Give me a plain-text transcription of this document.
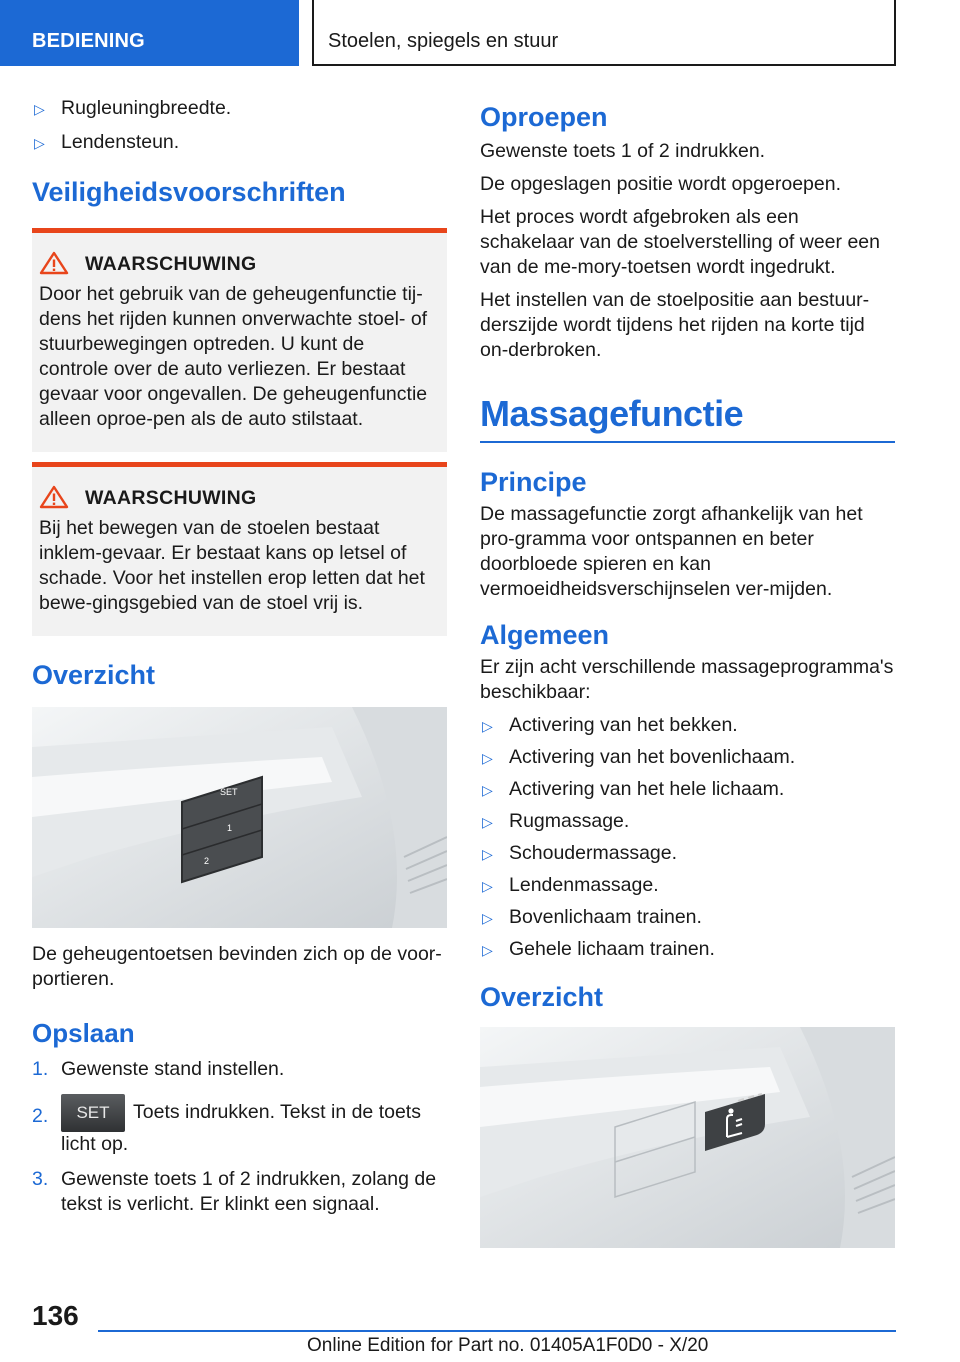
BEDIENING	Stoelen, spiegels en stuur
▷ Rugleuningbreedte.
▷ Lendensteun.
Veiligheidsvoorschriften
WAARSCHUWING
Door het gebruik van de geheugenfunctie tij-dens het rijden kunnen onverwachte stoel- of stuurbewegingen optreden. U kunt de controle over de auto verliezen. Er bestaat gevaar voor ongevallen. De geheugenfunctie alleen oproe-pen als de auto stilstaat.
WAARSCHUWING
Bij het bewegen van de stoelen bestaat inklem-gevaar. Er bestaat kans op letsel of schade. Voor het instellen erop letten dat het bewe-gingsgebied van de stoel vrij is.
Overzicht
SET
1
2
De geheugentoetsen bevinden zich op de voor-portieren.
Opslaan
1. Gewenste stand instellen.
2. SET Toets indrukken. Tekst in de toets licht op.
3. Gewenste toets 1 of 2 indrukken, zolang de tekst is verlicht. Er klinkt een signaal.
Oproepen
Gewenste toets 1 of 2 indrukken.
De opgeslagen positie wordt opgeroepen.
Het proces wordt afgebroken als een schakelaar van de stoelverstelling of weer een van de me-mory-toetsen wordt ingedrukt.
Het instellen van de stoelpositie aan bestuur-derszijde wordt tijdens het rijden na korte tijd on-derbroken.
Massagefunctie
Principe
De massagefunctie zorgt afhankelijk van het pro-gramma voor ontspannen en beter doorbloede spieren en kan vermoeidheidsverschijnselen ver-mijden.
Algemeen
Er zijn acht verschillende massageprogramma's beschikbaar:
▷ Activering van het bekken.
▷ Activering van het bovenlichaam.
▷ Activering van het hele lichaam.
▷ Rugmassage.
▷ Schoudermassage.
▷ Lendenmassage.
▷ Bovenlichaam trainen.
▷ Gehele lichaam trainen.
Overzicht
136
Online Edition for Part no. 01405A1F0D0 - X/20
